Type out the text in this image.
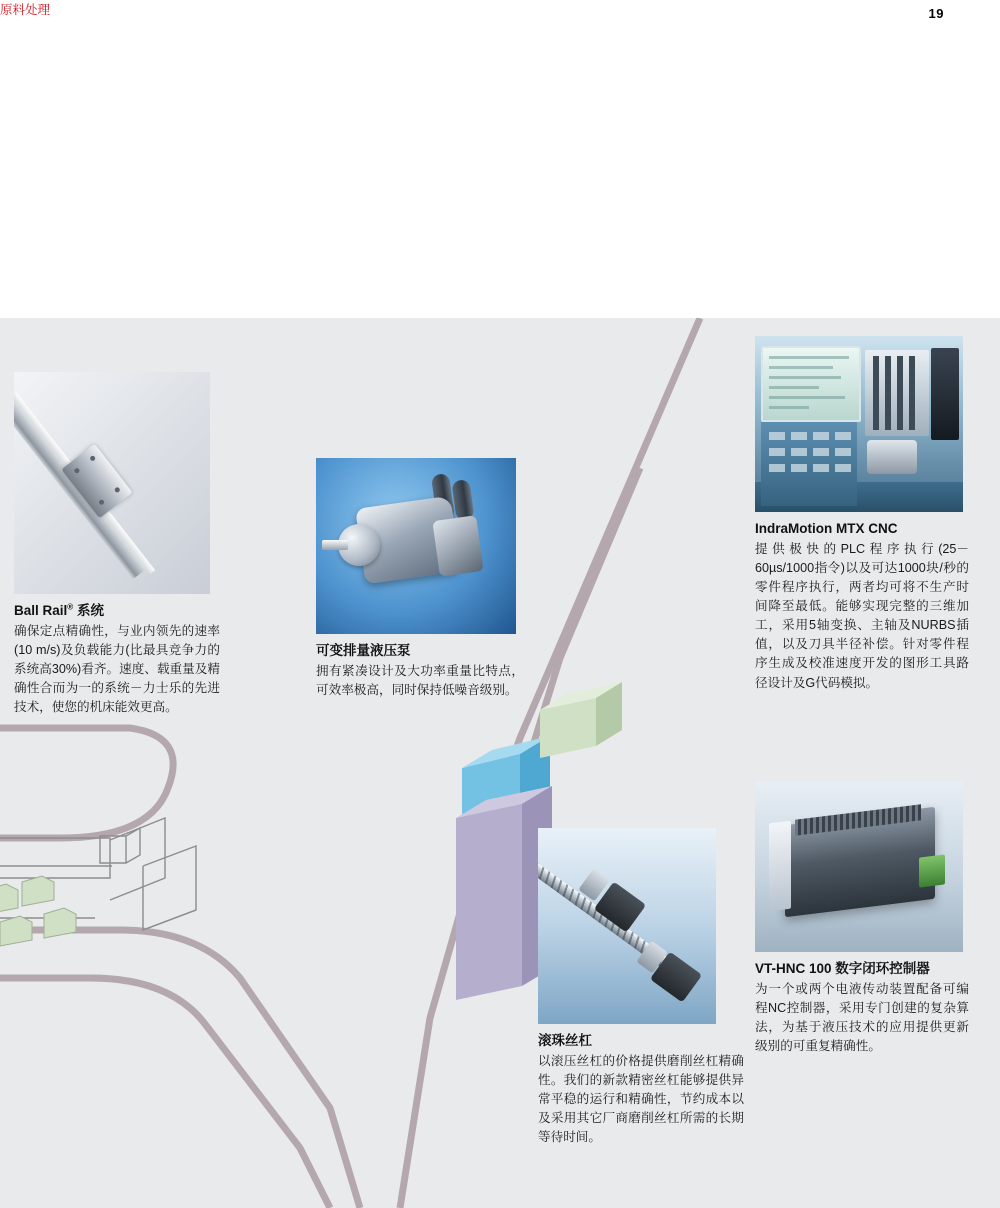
19
原料处理
Ball Rail® 系统
确保定点精确性，与业内领先的速率(10 m/s)及负载能力(比最具竞争力的系统高30%)看齐。速度、载重量及精确性合而为一的系统－力士乐的先进技术，使您的机床能效更高。
可变排量液压泵
拥有紧凑设计及大功率重量比特点，可效率极高，同时保持低噪音级别。
IndraMotion MTX CNC
提供极快的PLC程序执行(25－60µs/1000指令)以及可达1000块/秒的零件程序执行，两者均可将不生产时间降至最低。能够实现完整的三维加工，采用5轴变换、主轴及NURBS插值，以及刀具半径补偿。针对零件程序生成及校准速度开发的图形工具路径设计及G代码模拟。
VT-HNC 100 数字闭环控制器
为一个或两个电液传动装置配备可编程NC控制器，采用专门创建的复杂算法，为基于液压技术的应用提供更新级别的可重复精确性。
滚珠丝杠
以滚压丝杠的价格提供磨削丝杠精确性。我们的新款精密丝杠能够提供异常平稳的运行和精确性，节约成本以及采用其它厂商磨削丝杠所需的长期等待时间。
